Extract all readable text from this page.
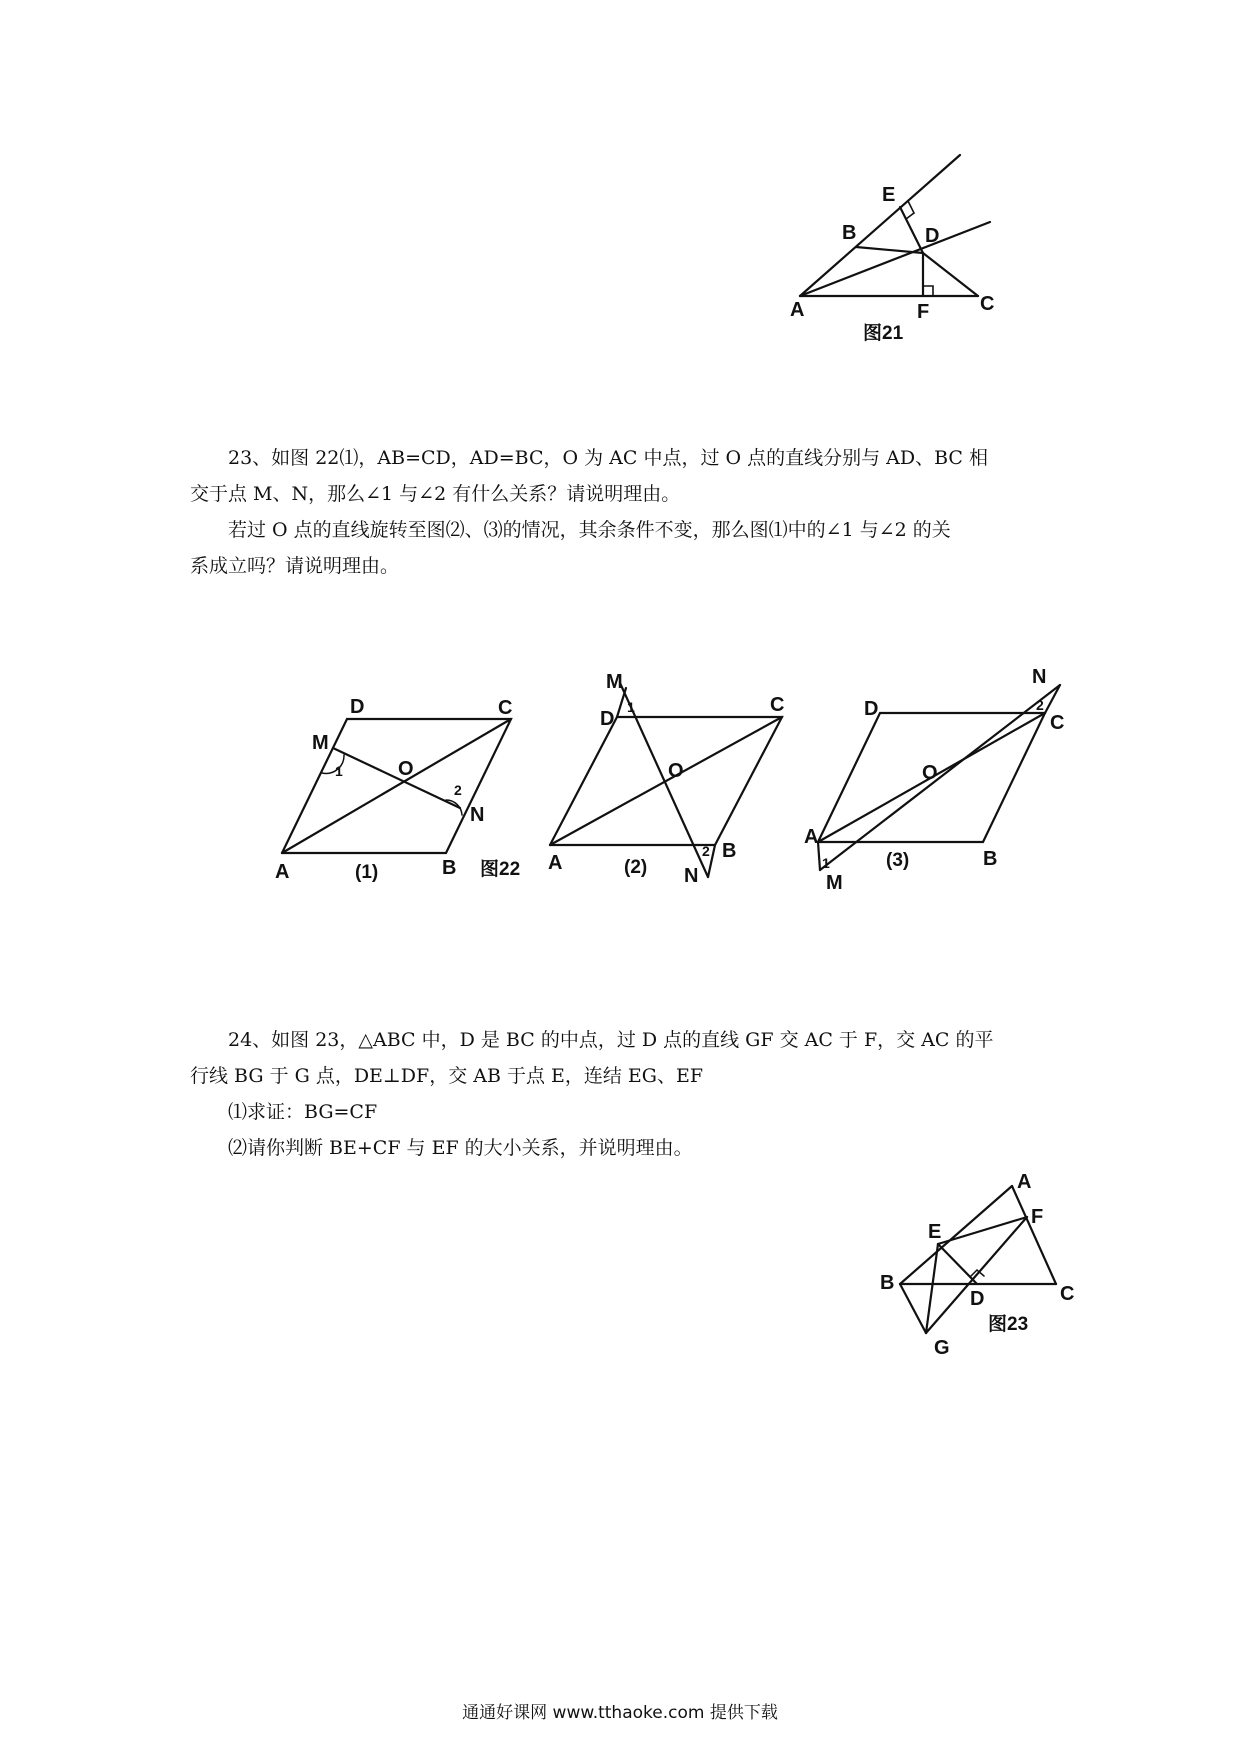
E
B	D
A	F	C
图21

23、如图 22⑴，AB=CD，AD=BC，O 为 AC 中点，过 O 点的直线分别与 AD、BC 相

交于点 M、N，那么∠1 与∠2 有什么关系？请说明理由。

若过 O 点的直线旋转至图⑵、⑶的情况，其余条件不变，那么图⑴中的∠1 与∠2 的关

系成立吗？请说明理由。

D	C
M
1	O
2
N
A	B
(1)	图22
M
1
D
C
O
A
B
2
N
(2)
N
2
C
D
O
A
1
M
B
(3)

24、如图 23，△ABC 中，D 是 BC 的中点，过 D 点的直线 GF 交 AC 于 F，交 AC 的平

行线 BG 于 G 点，DE⊥DF，交 AB 于点 E，连结 EG、EF

⑴求证：BG=CF
⑵请你判断 BE+CF 与 EF 的大小关系，并说明理由。
A
F
E
B
D	C
G
图23
通通好课网 www.tthaoke.com 提供下载
